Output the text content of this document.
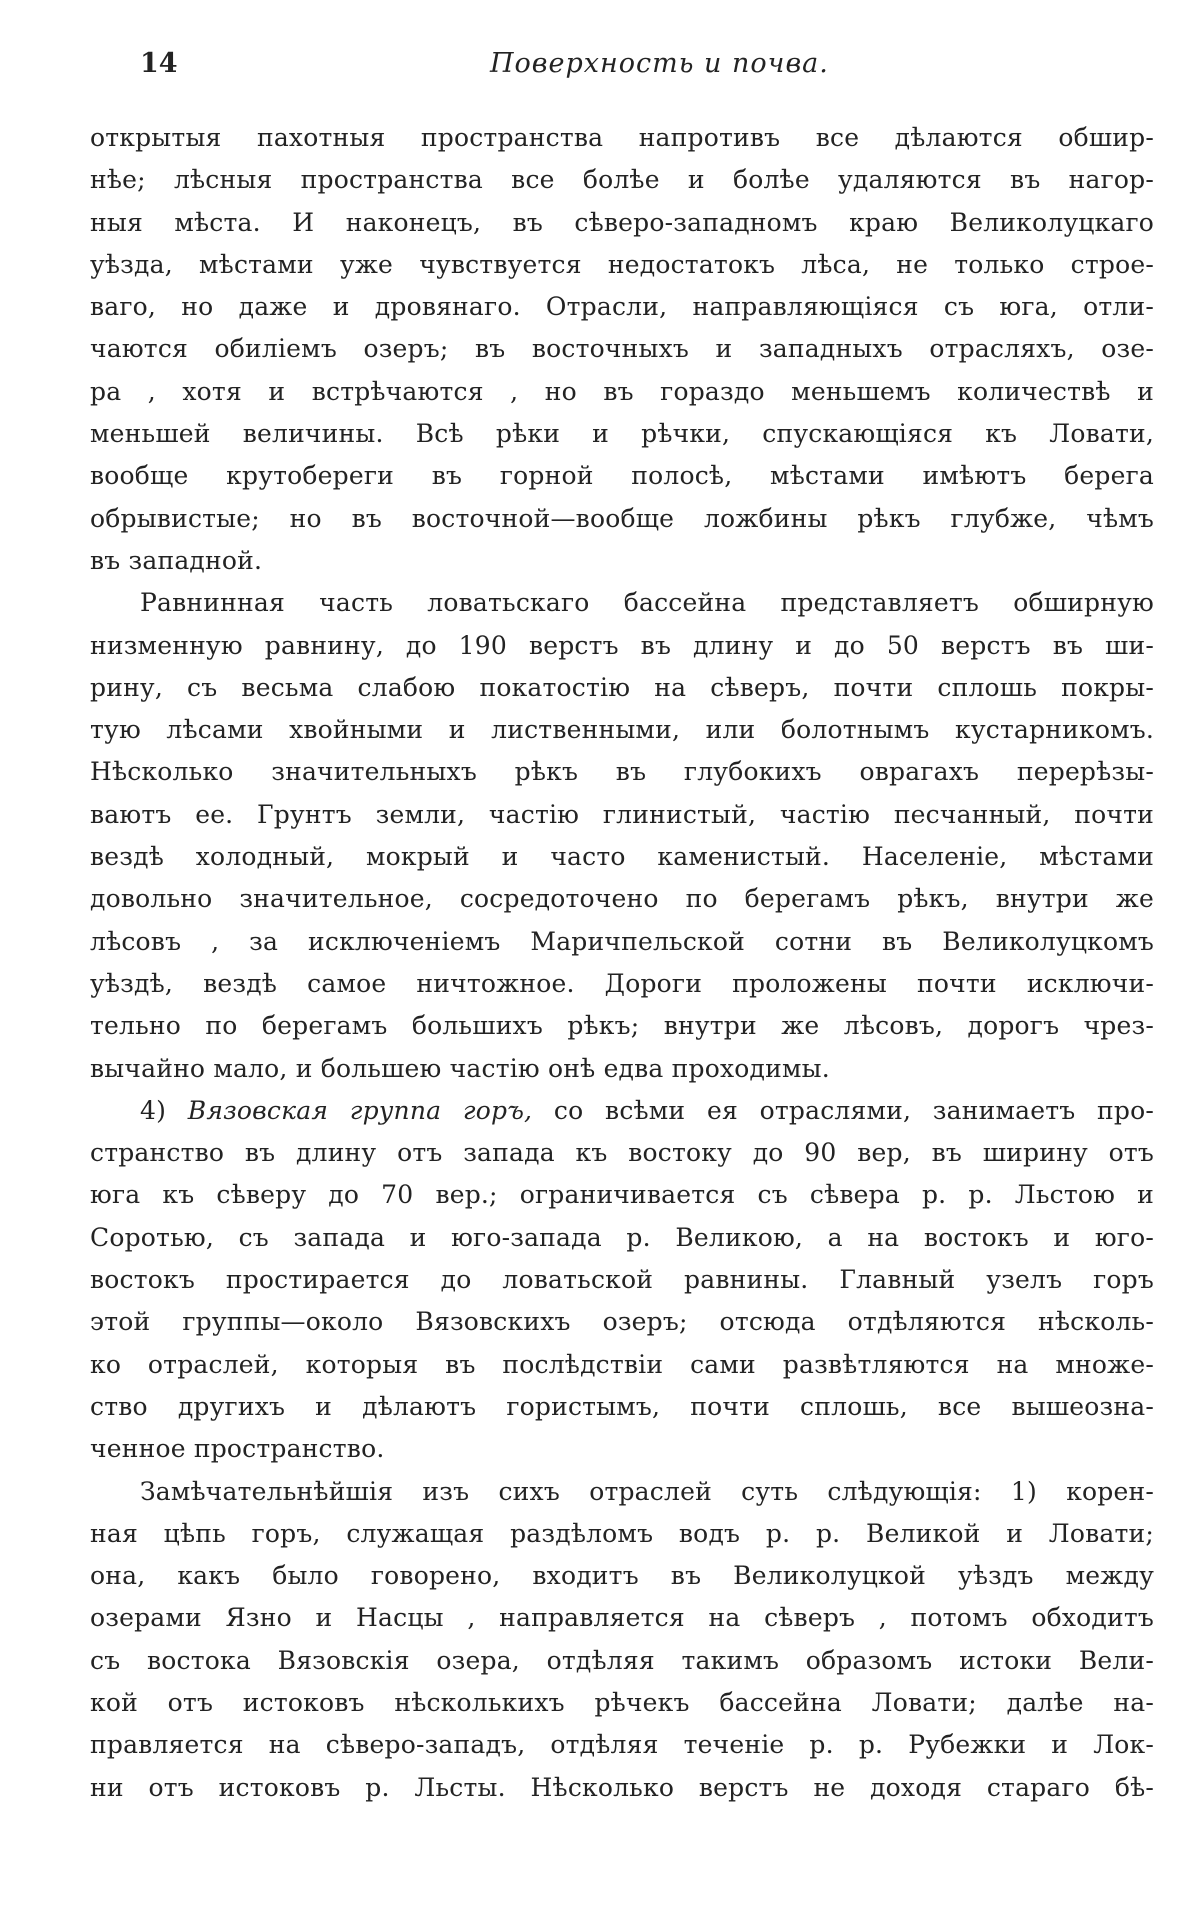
14	Поверхность и почва.
открытыя пахотныя пространства напротивъ все дѣлаются обшир-
нѣе; лѣсныя пространства все болѣе и болѣе удаляются въ нагор-
ныя мѣста. И наконецъ, въ сѣверо-западномъ краю Великолуцкаго
уѣзда, мѣстами уже чувствуется недостатокъ лѣса, не только строе-
ваго, но даже и дровянаго. Отрасли, направляющіяся съ юга, отли-
чаются обиліемъ озеръ; въ восточныхъ и западныхъ отрасляхъ, озе-
ра , хотя и встрѣчаются , но въ гораздо меньшемъ количествѣ и
меньшей величины. Всѣ рѣки и рѣчки, спускающіяся къ Ловати,
вообще крутобереги въ горной полосѣ, мѣстами имѣютъ берега
обрывистые; но въ восточной—вообще ложбины рѣкъ глубже, чѣмъ
въ западной.
Равнинная часть ловатьскаго бассейна представляетъ обширную
низменную равнину, до 190 верстъ въ длину и до 50 верстъ въ ши-
рину, съ весьма слабою покатостію на сѣверъ, почти сплошь покры-
тую лѣсами хвойными и лиственными, или болотнымъ кустарникомъ.
Нѣсколько значительныхъ рѣкъ въ глубокихъ оврагахъ перерѣзы-
ваютъ ее. Грунтъ земли, частію глинистый, частію песчанный, почти
вездѣ холодный, мокрый и часто каменистый. Населеніе, мѣстами
довольно значительное, сосредоточено по берегамъ рѣкъ, внутри же
лѣсовъ , за исключеніемъ Маричпельской сотни въ Великолуцкомъ
уѣздѣ, вездѣ самое ничтожное. Дороги проложены почти исключи-
тельно по берегамъ большихъ рѣкъ; внутри же лѣсовъ, дорогъ чрез-
вычайно мало, и большею частію онѣ едва проходимы.
4) Вязовская группа горъ, со всѣми ея отраслями, занимаетъ про-
странство въ длину отъ запада къ востоку до 90 вер, въ ширину отъ
юга къ сѣверу до 70 вер.; ограничивается съ сѣвера р. р. Льстою и
Соротью, съ запада и юго-запада р. Великою, а на востокъ и юго-
востокъ простирается до ловатьской равнины. Главный узелъ горъ
этой группы—около Вязовскихъ озеръ; отсюда отдѣляются нѣсколь-
ко отраслей, которыя въ послѣдствіи сами развѣтляются на множе-
ство другихъ и дѣлаютъ гористымъ, почти сплошь, все вышеозна-
ченное пространство.
Замѣчательнѣйшія изъ сихъ отраслей суть слѣдующія: 1) корен-
ная цѣпь горъ, служащая раздѣломъ водъ р. р. Великой и Ловати;
она, какъ было говорено, входитъ въ Великолуцкой уѣздъ между
озерами Язно и Насцы , направляется на сѣверъ , потомъ обходитъ
съ востока Вязовскія озера, отдѣляя такимъ образомъ истоки Вели-
кой отъ истоковъ нѣсколькихъ рѣчекъ бассейна Ловати; далѣе на-
правляется на сѣверо-западъ, отдѣляя теченіе р. р. Рубежки и Лок-
ни отъ истоковъ р. Льсты. Нѣсколько верстъ не доходя стараго бѣ-
